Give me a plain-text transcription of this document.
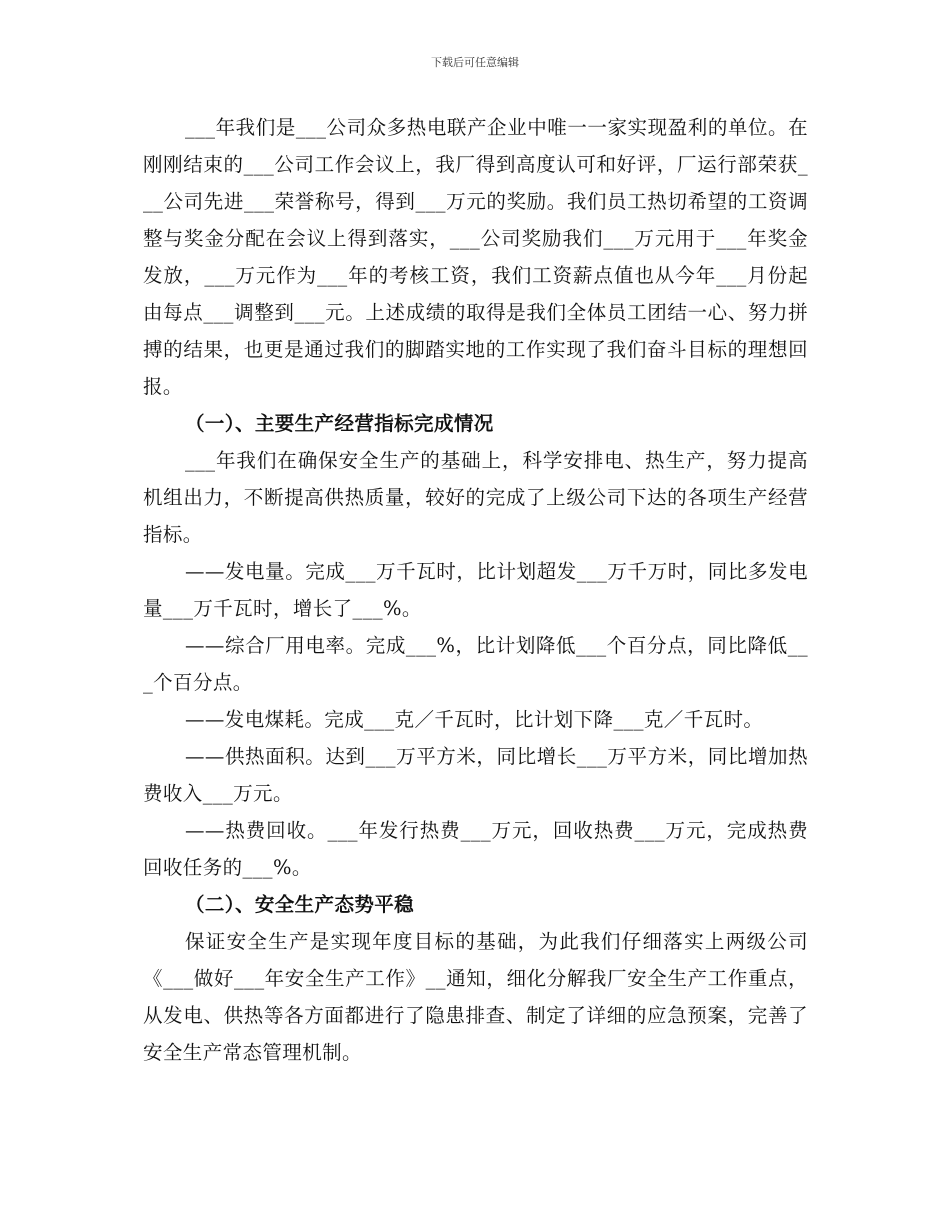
下载后可任意编辑

___年我们是___公司众多热电联产企业中唯一一家实现盈利的单位。在刚刚结束的___公司工作会议上，我厂得到高度认可和好评，厂运行部荣获___公司先进___荣誉称号，得到___万元的奖励。我们员工热切希望的工资调整与奖金分配在会议上得到落实，___公司奖励我们___万元用于___年奖金发放，___万元作为___年的考核工资，我们工资薪点值也从今年___月份起由每点___调整到___元。上述成绩的取得是我们全体员工团结一心、努力拼搏的结果，也更是通过我们的脚踏实地的工作实现了我们奋斗目标的理想回报。

（一）、主要生产经营指标完成情况

___年我们在确保安全生产的基础上，科学安排电、热生产，努力提高机组出力，不断提高供热质量，较好的完成了上级公司下达的各项生产经营指标。

——发电量。完成___万千瓦时，比计划超发___万千万时，同比多发电量___万千瓦时，增长了___%。

——综合厂用电率。完成___%，比计划降低___个百分点，同比降低___个百分点。

——发电煤耗。完成___克／千瓦时，比计划下降___克／千瓦时。

——供热面积。达到___万平方米，同比增长___万平方米，同比增加热费收入___万元。

——热费回收。___年发行热费___万元，回收热费___万元，完成热费回收任务的___%。

（二）、安全生产态势平稳

保证安全生产是实现年度目标的基础，为此我们仔细落实上两级公司《___做好___年安全生产工作》__通知，细化分解我厂安全生产工作重点，从发电、供热等各方面都进行了隐患排查、制定了详细的应急预案，完善了安全生产常态管理机制。
